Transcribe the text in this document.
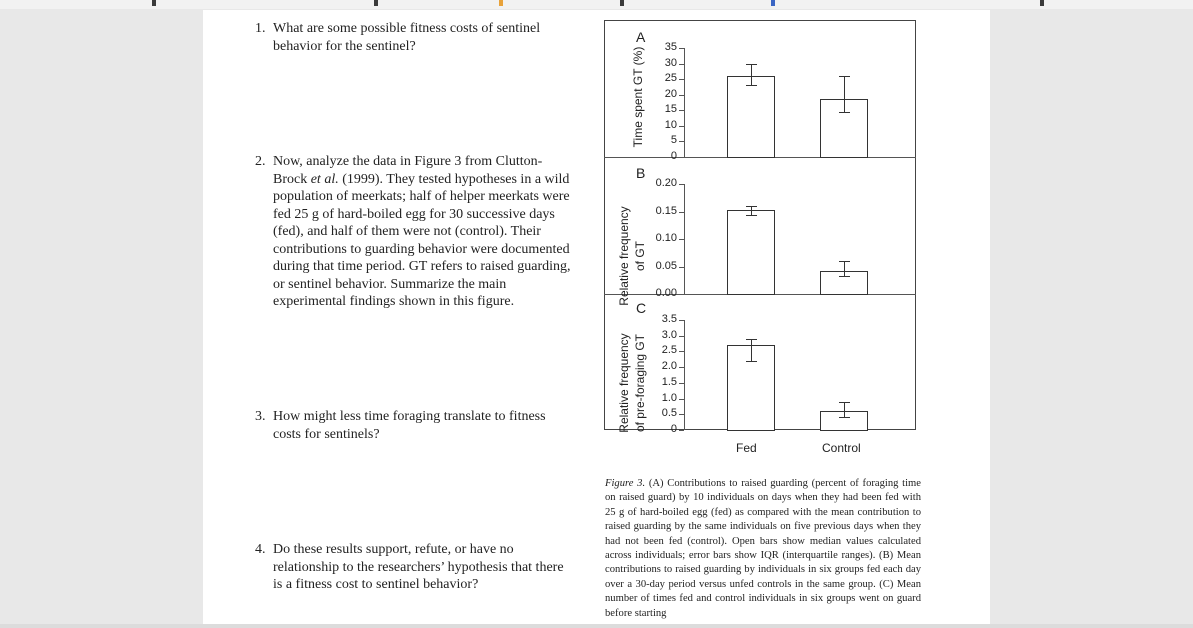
1. What are some possible fitness costs of sentinel behavior for the sentinel?
2. Now, analyze the data in Figure 3 from Clutton-Brock et al. (1999). They tested hypotheses in a wild population of meerkats; half of helper meerkats were fed 25 g of hard-boiled egg for 30 successive days (fed), and half of them were not (control). Their contributions to guarding behavior were documented during that time period. GT refers to raised guarding, or sentinel behavior. Summarize the main experimental findings shown in this figure.
3. How might less time foraging translate to fitness costs for sentinels?
4. Do these results support, refute, or have no relationship to the researchers’ hypothesis that there is a fitness cost to sentinel behavior?
A
Time spent GT (%)	35
30
25
20
15
10
5
0
B
Relative frequency of GT
0.20
0.15
0.10
0.05
0.00
C
Relative frequency of pre-foraging GT
3.5
3.0
2.5
2.0
1.5
1.0
0.5
0
Fed	Control
Figure 3. (A) Contributions to raised guarding (percent of foraging time on raised guard) by 10 individuals on days when they had been fed with 25 g of hard-boiled egg (fed) as compared with the mean contribution to raised guarding by the same individuals on five previous days when they had not been fed (control). Open bars show median values calculated across individuals; error bars show IQR (interquartile ranges). (B) Mean contributions to raised guarding by individuals in six groups fed each day over a 30-day period versus unfed controls in the same group. (C) Mean number of times fed and control individuals in six groups went on guard before starting
